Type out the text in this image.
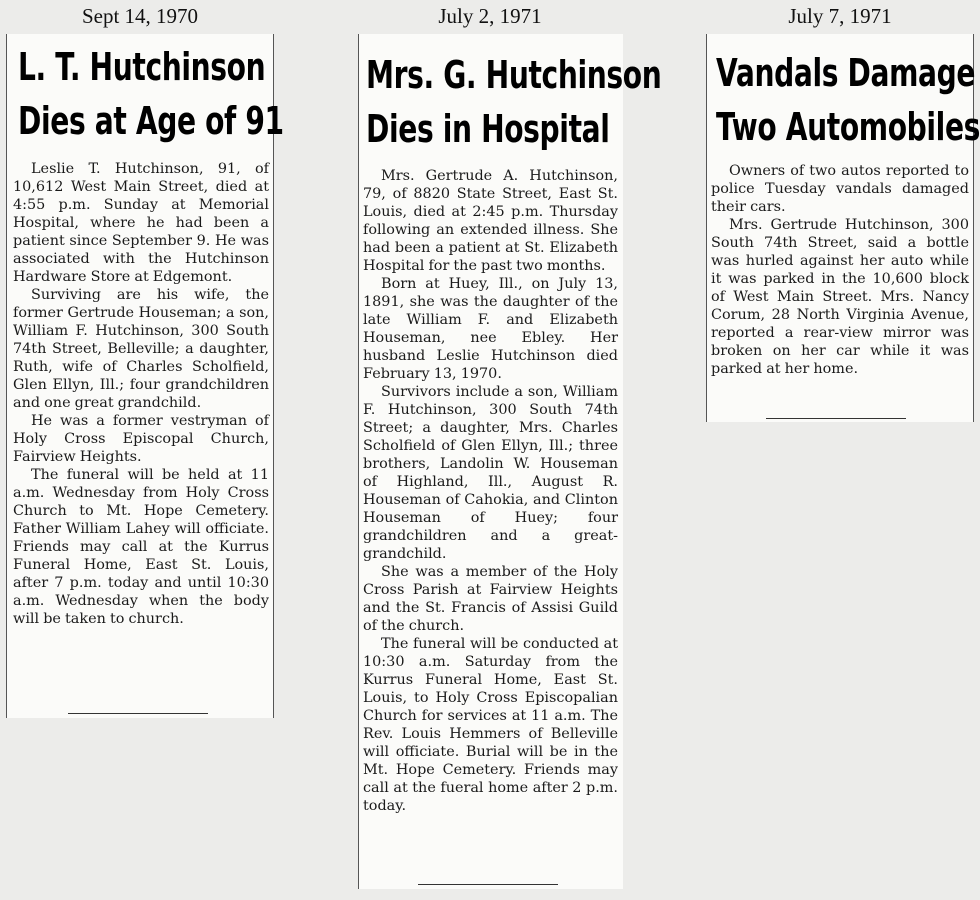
Sept 14, 1970	July 2, 1971	July 7, 1971
L. T. Hutchinson
Dies at Age of 91

Leslie T. Hutchinson, 91, of 10,612 West Main Street, died at 4:55 p.m. Sunday at Memorial Hospital, where he had been a patient since September 9. He was associated with the Hutchinson Hardware Store at Edgemont.

Surviving are his wife, the former Gertrude Houseman; a son, William F. Hutchinson, 300 South 74th Street, Belleville; a daughter, Ruth, wife of Charles Scholfield, Glen Ellyn, Ill.; four grandchildren and one great grandchild.

He was a former vestryman of Holy Cross Episcopal Church, Fairview Heights.

The funeral will be held at 11 a.m. Wednesday from Holy Cross Church to Mt. Hope Cemetery. Father William Lahey will officiate. Friends may call at the Kurrus Funeral Home, East St. Louis, after 7 p.m. today and until 10:30 a.m. Wednesday when the body will be taken to church.

Mrs. G. Hutchinson
Dies in Hospital

Mrs. Gertrude A. Hutchinson, 79, of 8820 State Street, East St. Louis, died at 2:45 p.m. Thursday following an extended illness. She had been a patient at St. Elizabeth Hospital for the past two months.

Born at Huey, Ill., on July 13, 1891, she was the daughter of the late William F. and Elizabeth Houseman, nee Ebley. Her husband Leslie Hutchinson died February 13, 1970.

Survivors include a son, William F. Hutchinson, 300 South 74th Street; a daughter, Mrs. Charles Scholfield of Glen Ellyn, Ill.; three brothers, Landolin W. Houseman of Highland, Ill., August R. Houseman of Cahokia, and Clinton Houseman of Huey; four grandchildren and a great-grandchild.

She was a member of the Holy Cross Parish at Fairview Heights and the St. Francis of Assisi Guild of the church.

The funeral will be conducted at 10:30 a.m. Saturday from the Kurrus Funeral Home, East St. Louis, to Holy Cross Episcopalian Church for services at 11 a.m. The Rev. Louis Hemmers of Belleville will officiate. Burial will be in the Mt. Hope Cemetery. Friends may call at the fueral home after 2 p.m. today.

Vandals Damage
Two Automobiles

Owners of two autos reported to police Tuesday vandals damaged their cars.

Mrs. Gertrude Hutchinson, 300 South 74th Street, said a bottle was hurled against her auto while it was parked in the 10,600 block of West Main Street. Mrs. Nancy Corum, 28 North Virginia Avenue, reported a rear-view mirror was broken on her car while it was parked at her home.
